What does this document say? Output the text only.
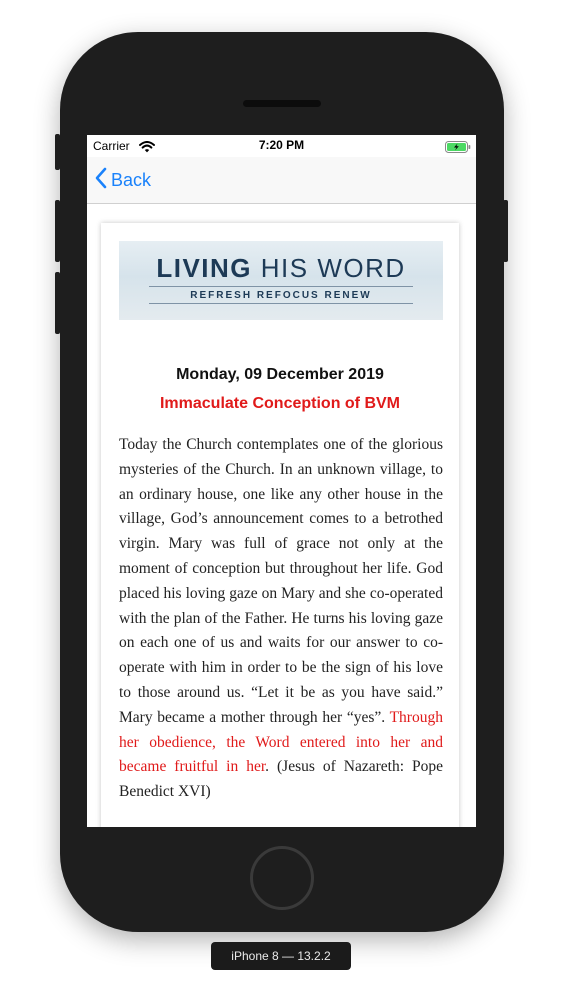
Carrier	7:20 PM
Back
LIVING HIS WORD
REFRESH REFOCUS RENEW
Monday, 09 December 2019
Immaculate Conception of BVM

Today the Church contemplates one of the glorious mysteries of the Church. In an unknown village, to an ordinary house, one like any other house in the village, God’s announcement comes to a betrothed virgin. Mary was full of grace not only at the moment of conception but throughout her life. God placed his loving gaze on Mary and she co-operated with the plan of the Father. He turns his loving gaze on each one of us and waits for our answer to co-operate with him in order to be the sign of his love to those around us. “Let it be as you have said.” Mary became a mother through her “yes”. Through her obedience, the Word entered into her and became fruitful in her. (Jesus of Nazareth: Pope Benedict XVI)

iPhone 8 — 13.2.2
